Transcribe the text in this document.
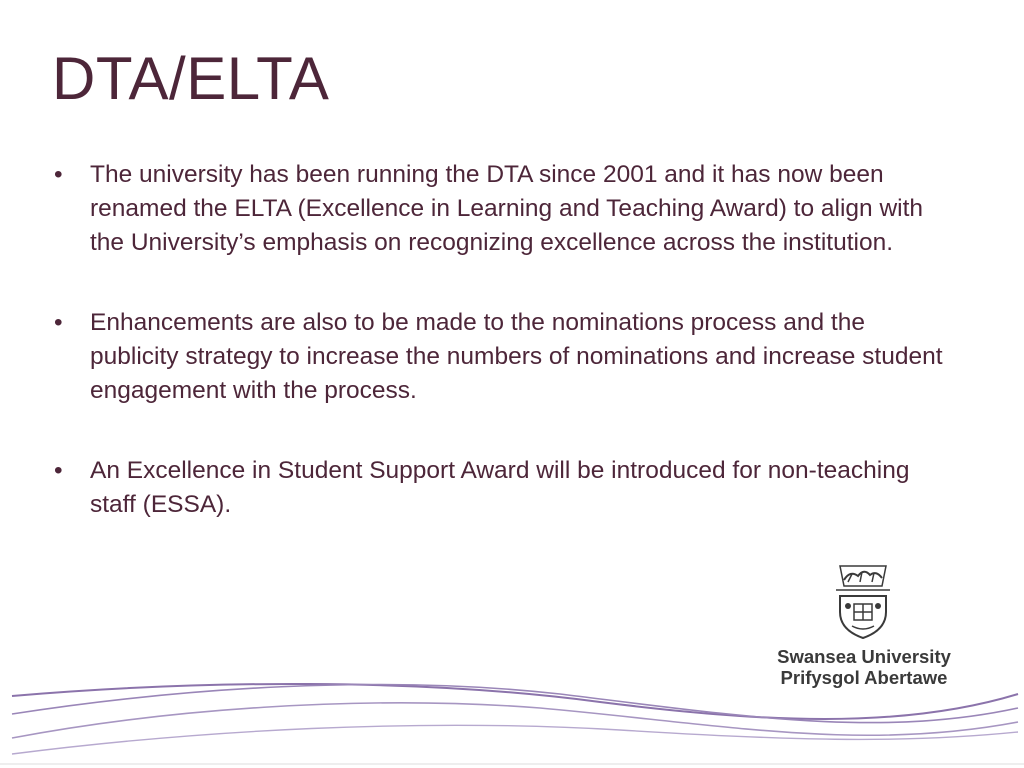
DTA/ELTA
•	The university has been running the DTA since 2001 and it has now been renamed the ELTA (Excellence in Learning and Teaching Award) to align with the University’s emphasis on recognizing excellence across the institution.
•	Enhancements are also to be made to the nominations process and the publicity strategy to increase the numbers of nominations and increase student engagement with the process.
•	An Excellence in Student Support Award will be introduced for non-teaching staff (ESSA).
Swansea University
Prifysgol Abertawe
